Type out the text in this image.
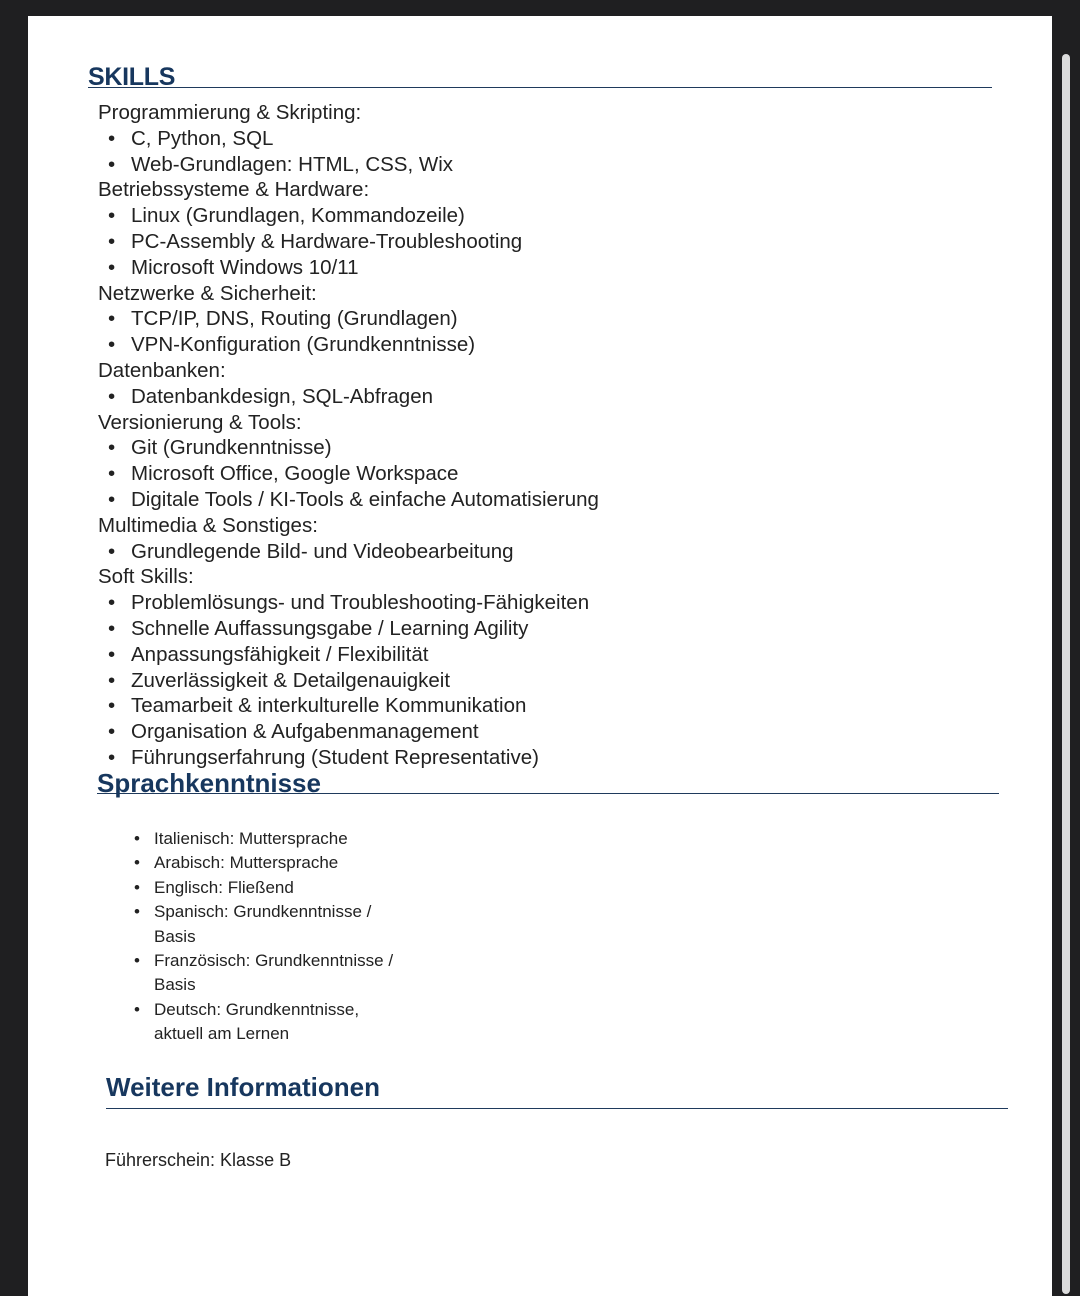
SKILLS

Programmierung & Skripting:

• C, Python, SQL
• Web-Grundlagen: HTML, CSS, Wix

Betriebssysteme & Hardware:

• Linux (Grundlagen, Kommandozeile)
• PC-Assembly & Hardware-Troubleshooting
• Microsoft Windows 10/11

Netzwerke & Sicherheit:

• TCP/IP, DNS, Routing (Grundlagen)
• VPN-Konfiguration (Grundkenntnisse)

Datenbanken:

• Datenbankdesign, SQL-Abfragen

Versionierung & Tools:

• Git (Grundkenntnisse)
• Microsoft Office, Google Workspace
• Digitale Tools / KI-Tools & einfache Automatisierung

Multimedia & Sonstiges:

• Grundlegende Bild- und Videobearbeitung

Soft Skills:

• Problemlösungs- und Troubleshooting-Fähigkeiten
• Schnelle Auffassungsgabe / Learning Agility
• Anpassungsfähigkeit / Flexibilität
• Zuverlässigkeit & Detailgenauigkeit
• Teamarbeit & interkulturelle Kommunikation
• Organisation & Aufgabenmanagement
• Führungserfahrung (Student Representative)
Sprachkenntnisse
• Italienisch: Muttersprache
• Arabisch: Muttersprache
• Englisch: Fließend
• Spanisch: Grundkenntnisse / Basis
• Französisch: Grundkenntnisse / Basis
• Deutsch: Grundkenntnisse, aktuell am Lernen
Weitere Informationen
Führerschein: Klasse B
